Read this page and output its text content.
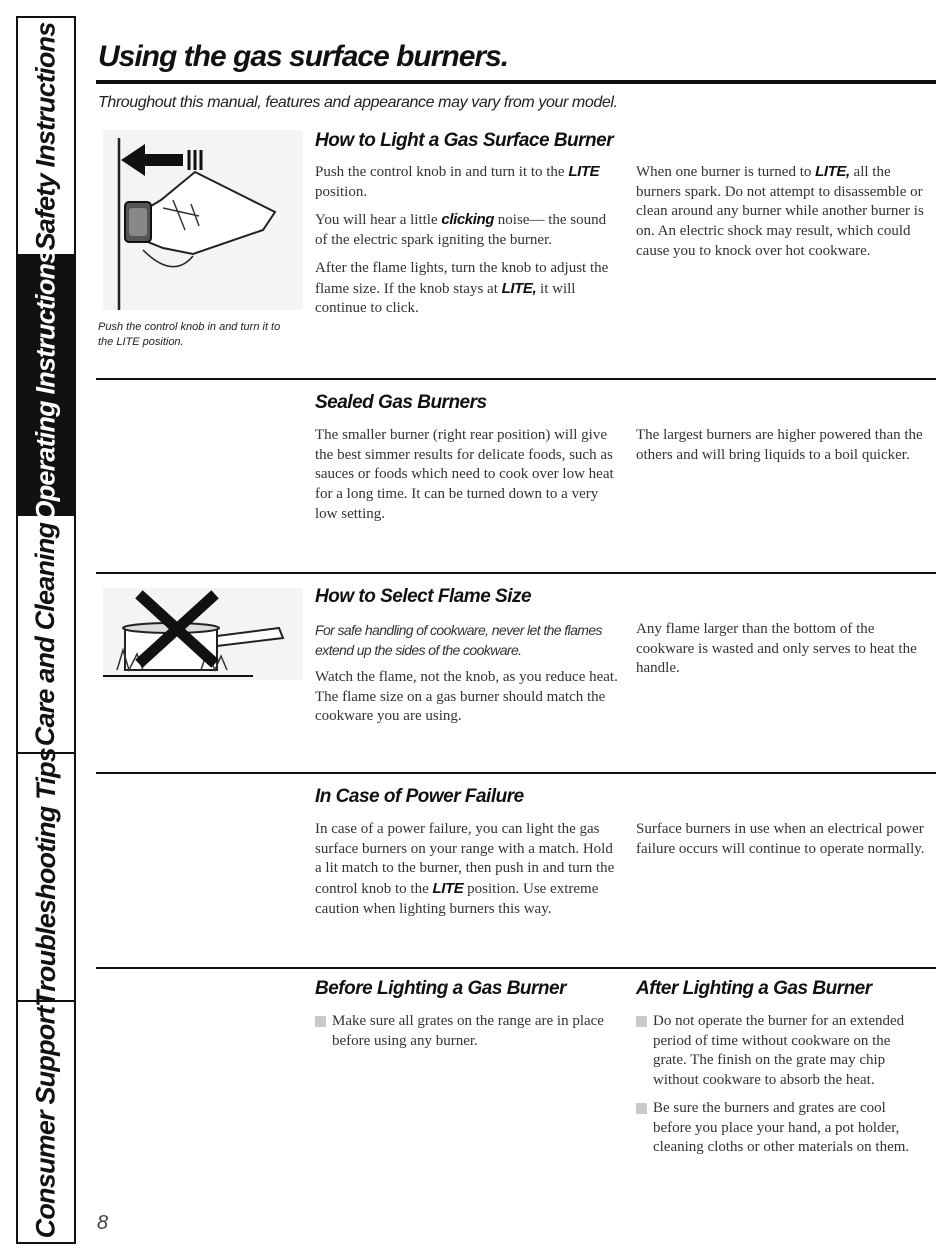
Safety Instructions
Operating Instructions
Care and Cleaning
Troubleshooting Tips
Consumer Support
Using the gas surface burners.
Throughout this manual, features and appearance may vary from your model.
Push the control knob in and turn it to the LITE position.
How to Light a Gas Surface Burner

Push the control knob in and turn it to the LITE position.

You will hear a little clicking noise— the sound of the electric spark igniting the burner.

After the flame lights, turn the knob to adjust the flame size. If the knob stays at LITE, it will continue to click.

When one burner is turned to LITE, all the burners spark. Do not attempt to disassemble or clean around any burner while another burner is on. An electric shock may result, which could cause you to knock over hot cookware.

Sealed Gas Burners

The smaller burner (right rear position) will give the best simmer results for delicate foods, such as sauces or foods which need to cook over low heat for a long time. It can be turned down to a very low setting.

The largest burners are higher powered than the others and will bring liquids to a boil quicker.

How to Select Flame Size

For safe handling of cookware, never let the flames extend up the sides of the cookware.

Watch the flame, not the knob, as you reduce heat. The flame size on a gas burner should match the cookware you are using.

Any flame larger than the bottom of the cookware is wasted and only serves to heat the handle.

In Case of Power Failure

In case of a power failure, you can light the gas surface burners on your range with a match. Hold a lit match to the burner, then push in and turn the control knob to the LITE position. Use extreme caution when lighting burners this way.

Surface burners in use when an electrical power failure occurs will continue to operate normally.

Before Lighting a Gas Burner
Make sure all grates on the range are in place before using any burner.
After Lighting a Gas Burner
Do not operate the burner for an extended period of time without cookware on the grate. The finish on the grate may chip without cookware to absorb the heat.
Be sure the burners and grates are cool before you place your hand, a pot holder, cleaning cloths or other materials on them.
8
